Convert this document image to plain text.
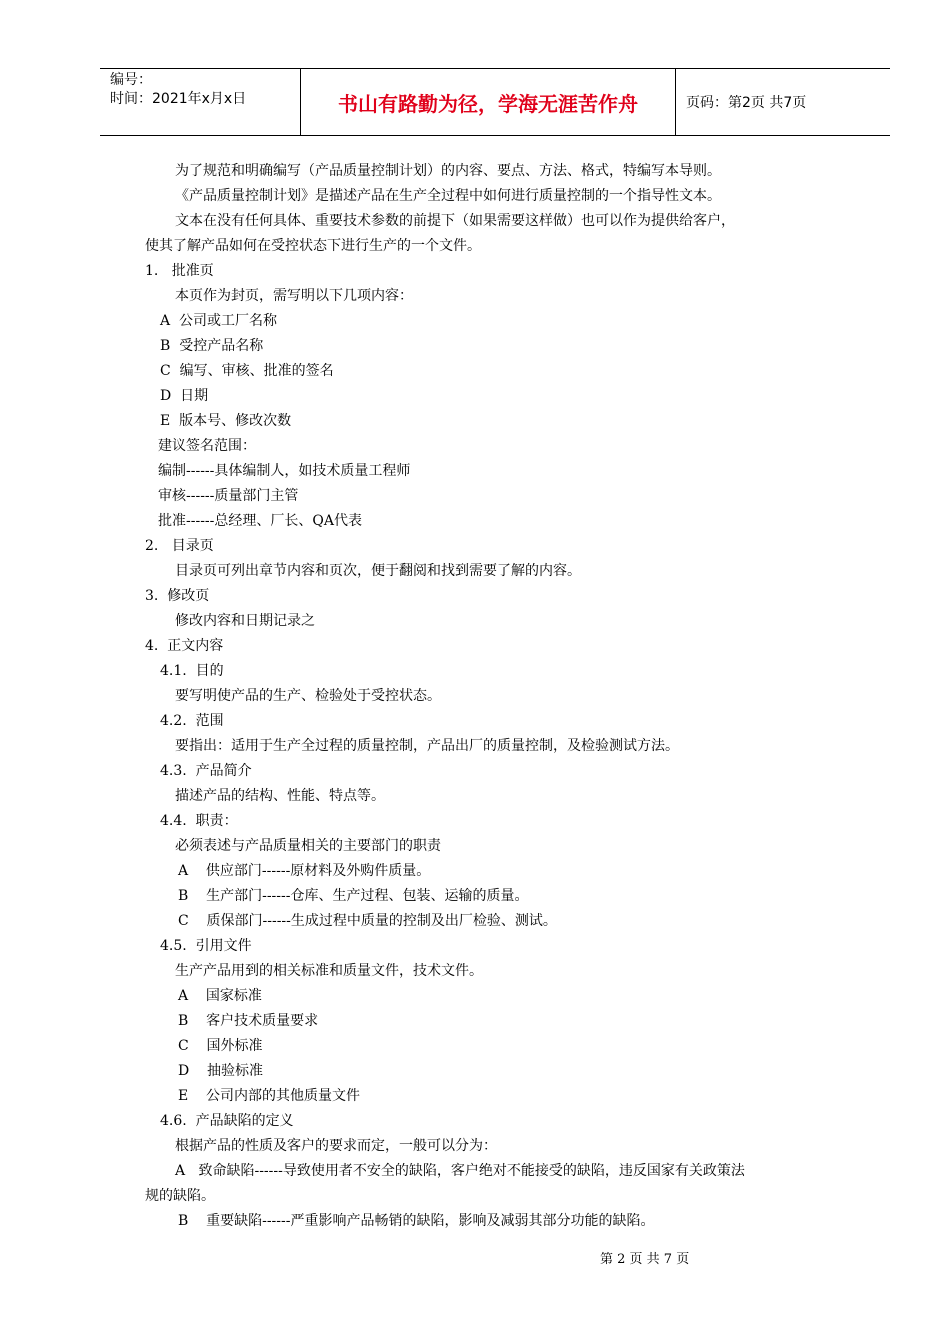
编号：
时间：2021年x月x日	书山有路勤为径，学海无涯苦作舟	页码：第2页 共7页
为了规范和明确编写（产品质量控制计划）的内容、要点、方法、格式，特编写本导则。
《产品质量控制计划》是描述产品在生产全过程中如何进行质量控制的一个指导性文本。
文本在没有任何具体、重要技术参数的前提下（如果需要这样做）也可以作为提供给客户，
使其了解产品如何在受控状态下进行生产的一个文件。
1.   批准页
本页作为封页，需写明以下几项内容：
A  公司或工厂名称
B  受控产品名称
C  编写、审核、批准的签名
D  日期
E  版本号、修改次数
建议签名范围：
编制------具体编制人，如技术质量工程师
审核------质量部门主管
批准------总经理、厂长、QA代表
2.   目录页
目录页可列出章节内容和页次，便于翻阅和找到需要了解的内容。
3.  修改页
修改内容和日期记录之
4.  正文内容
4.1.  目的
要写明使产品的生产、检验处于受控状态。
4.2.  范围
要指出：适用于生产全过程的质量控制，产品出厂的质量控制，及检验测试方法。
4.3.  产品简介
描述产品的结构、性能、特点等。
4.4.  职责：
必须表述与产品质量相关的主要部门的职责
A    供应部门------原材料及外购件质量。
B    生产部门------仓库、生产过程、包装、运输的质量。
C    质保部门------生成过程中质量的控制及出厂检验、测试。
4.5.  引用文件
生产产品用到的相关标准和质量文件，技术文件。
A    国家标准
B    客户技术质量要求
C    国外标准
D    抽验标准
E    公司内部的其他质量文件
4.6.  产品缺陷的定义
根据产品的性质及客户的要求而定，一般可以分为：
A   致命缺陷------导致使用者不安全的缺陷，客户绝对不能接受的缺陷，违反国家有关政策法
规的缺陷。
B    重要缺陷------严重影响产品畅销的缺陷，影响及减弱其部分功能的缺陷。
第 2 页 共 7 页
